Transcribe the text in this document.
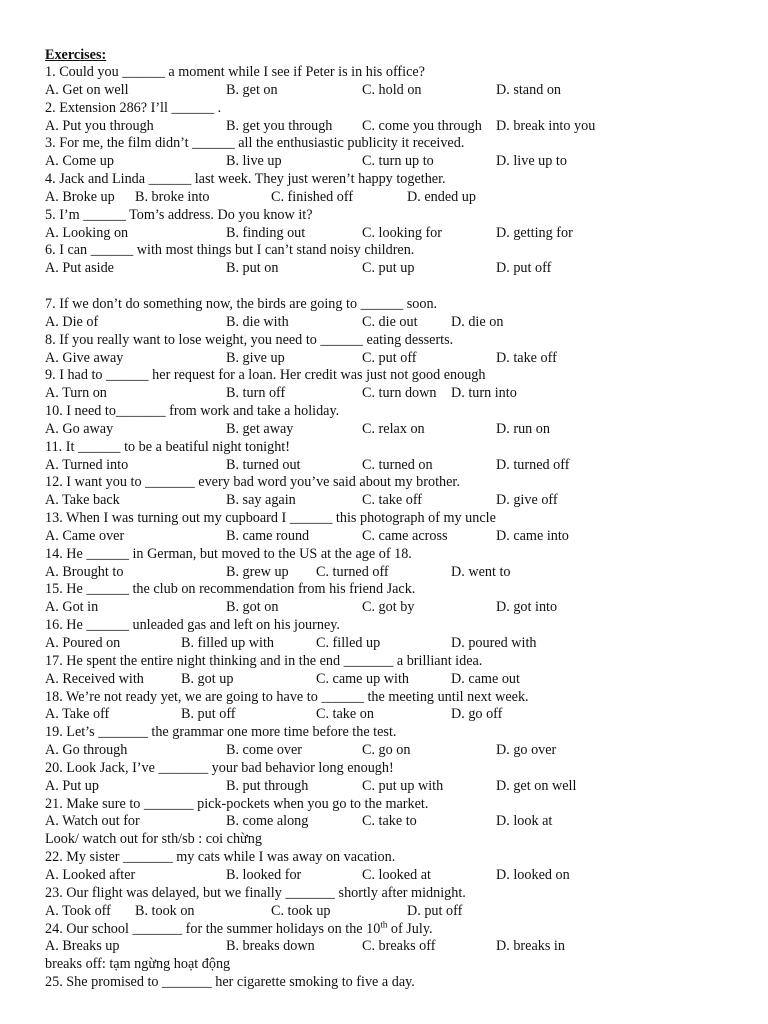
Exercises:
1. Could you ______ a moment while I see if Peter is in his office?
A. Get on well	B. get on	C. hold on	D. stand on
2. Extension 286? I’ll ______ .
A. Put you through	B. get you through C. come you through D. break into you
3. For me, the film didn’t ______ all the enthusiastic publicity it received.
A. Come up	B. live up	C. turn up to	D. live up to
4. Jack and Linda ______ last week. They just weren’t happy together.
A. Broke up B. broke into	C. finished off	D. ended up
5. I’m ______ Tom’s address. Do you know it?
A. Looking on	B. finding out	C. looking for	D. getting for
6. I can ______ with most things but I can’t stand noisy children.
A. Put aside	B. put on	C. put up	D. put off
7. If we don’t do something now, the birds are going to ______ soon.
A. Die of	B. die with	C. die out D. die on
8. If you really want to lose weight, you need to ______ eating desserts.
A. Give away	B. give up	C. put off	D. take off
9. I had to ______ her request for a loan. Her credit was just not good enough
A. Turn on	B. turn off	C. turn down D. turn into
10. I need to_______ from work and take a holiday.
A. Go away	B. get away	C. relax on	D. run on
11. It ______ to be a beatiful night tonight!
A. Turned into	B. turned out	C. turned on	D. turned off
12. I want you to _______ every bad word you’ve said about my brother.
A. Take back	B. say again	C. take off	D. give off
13. When I was turning out my cupboard I ______ this photograph of my uncle
A. Came over	B. came round	C. came across	D. came into
14. He ______ in German, but moved to the US at the age of 18.
A. Brought to	B. grew up C. turned off	D. went to
15. He ______ the club on recommendation from his friend Jack.
A. Got in	B. got on	C. got by	D. got into
16. He ______ unleaded gas and left on his journey.
A. Poured on	B. filled up with	C. filled up	D. poured with
17. He spent the entire night thinking and in the end _______ a brilliant idea.
A. Received with	B. got up	C. came up with	D. came out
18. We’re not ready yet, we are going to have to ______ the meeting until next week.
A. Take off	B. put off	C. take on	D. go off
19. Let’s _______ the grammar one more time before the test.
A. Go through	B. come over	C. go on	D. go over
20. Look Jack, I’ve _______ your bad behavior long enough!
A. Put up	B. put through	C. put up with	D. get on well
21. Make sure to _______ pick-pockets when you go to the market.
A. Watch out for	B. come along	C. take to	D. look at
Look/ watch out for sth/sb : coi chừng
22. My sister _______ my cats while I was away on vacation.
A. Looked after	B. looked for	C. looked at	D. looked on
23. Our flight was delayed, but we finally _______ shortly after midnight.
A. Took off B. took on	C. took up	D. put off
24. Our school _______ for the summer holidays on the 10th of July.
A. Breaks up	B. breaks down	C. breaks off	D. breaks in
breaks off: tạm ngừng hoạt động
25. She promised to _______ her cigarette smoking to five a day.
